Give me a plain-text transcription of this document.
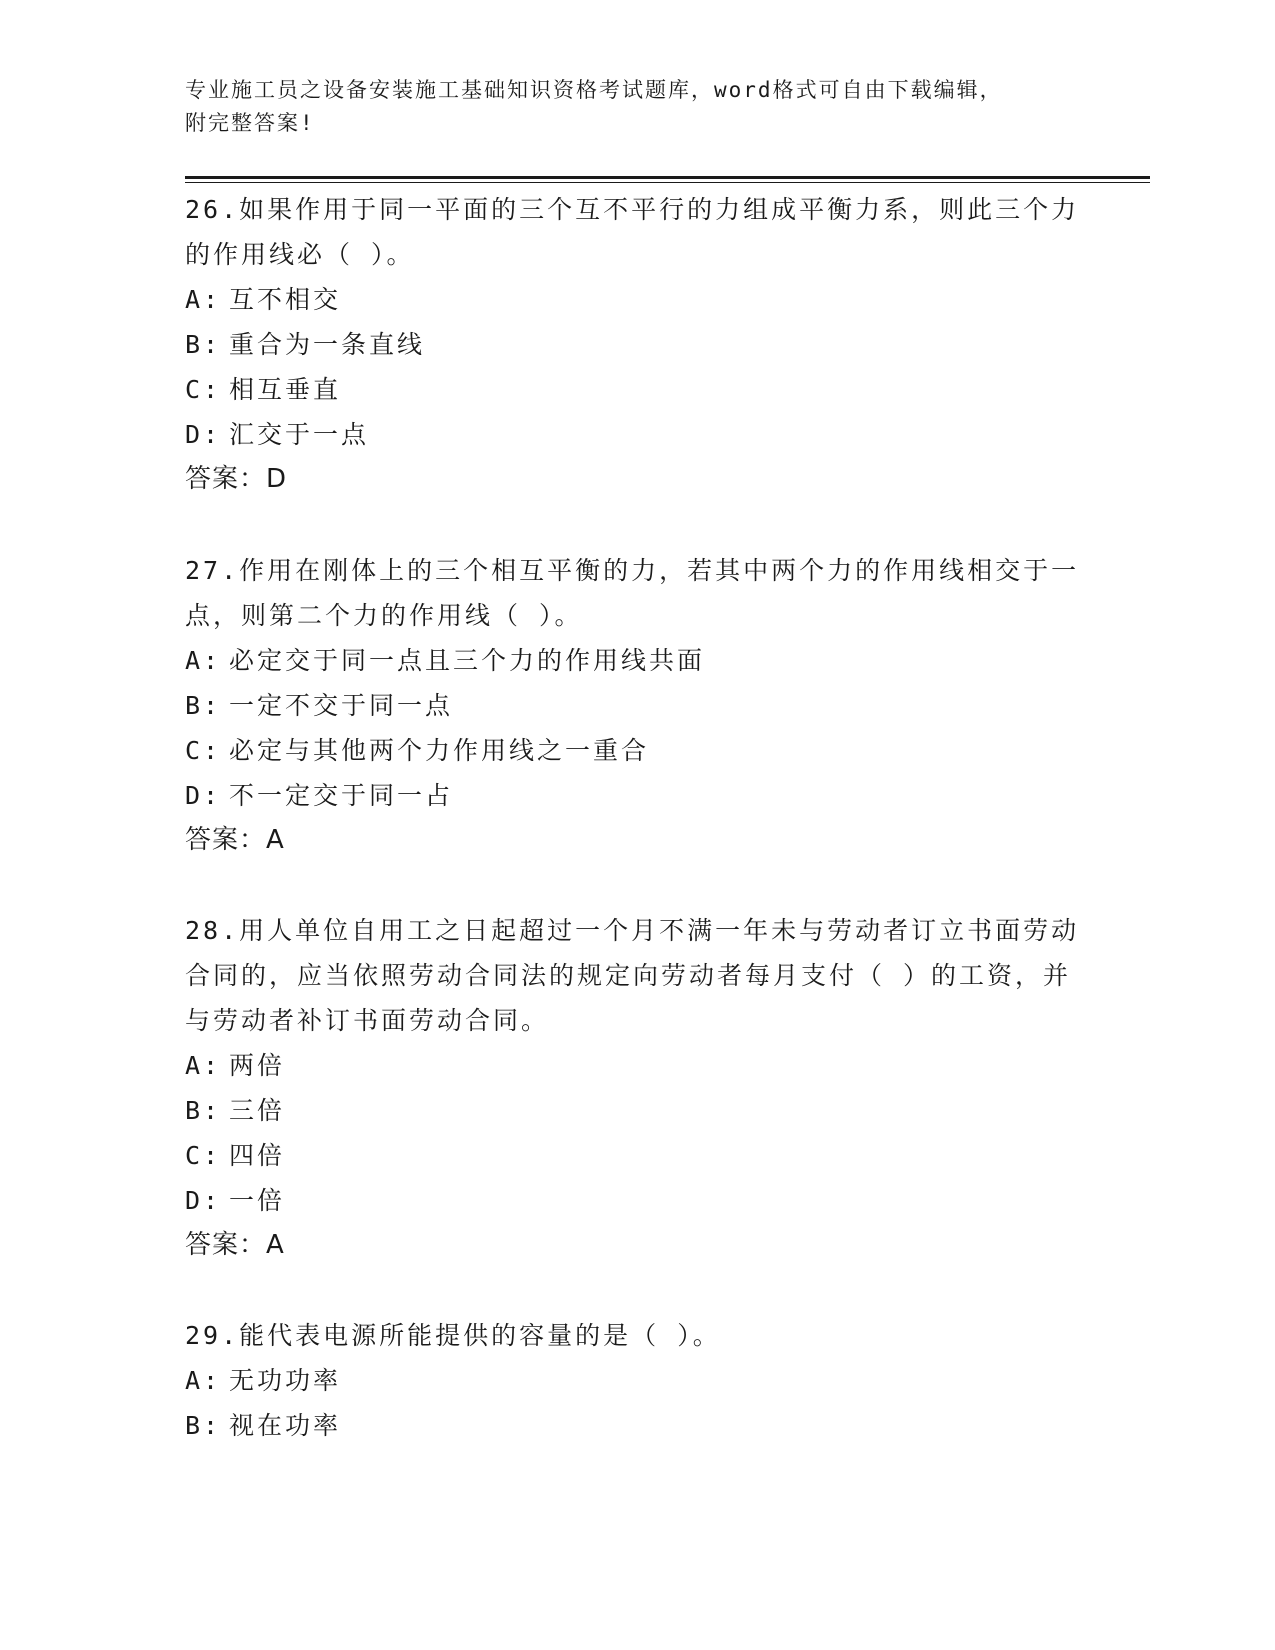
专业施工员之设备安装施工基础知识资格考试题库，word格式可自由下载编辑，
附完整答案!
26.如果作用于同一平面的三个互不平行的力组成平衡力系，则此三个力的作用线必（ ）。
A: 互不相交
B: 重合为一条直线
C: 相互垂直
D: 汇交于一点
答案：D
27.作用在刚体上的三个相互平衡的力，若其中两个力的作用线相交于一点，则第二个力的作用线（ ）。
A: 必定交于同一点且三个力的作用线共面
B: 一定不交于同一点
C: 必定与其他两个力作用线之一重合
D: 不一定交于同一占
答案：A
28.用人单位自用工之日起超过一个月不满一年未与劳动者订立书面劳动合同的，应当依照劳动合同法的规定向劳动者每月支付（ ）的工资，并与劳动者补订书面劳动合同。
A: 两倍
B: 三倍
C: 四倍
D: 一倍
答案：A
29.能代表电源所能提供的容量的是（ ）。
A: 无功功率
B: 视在功率
